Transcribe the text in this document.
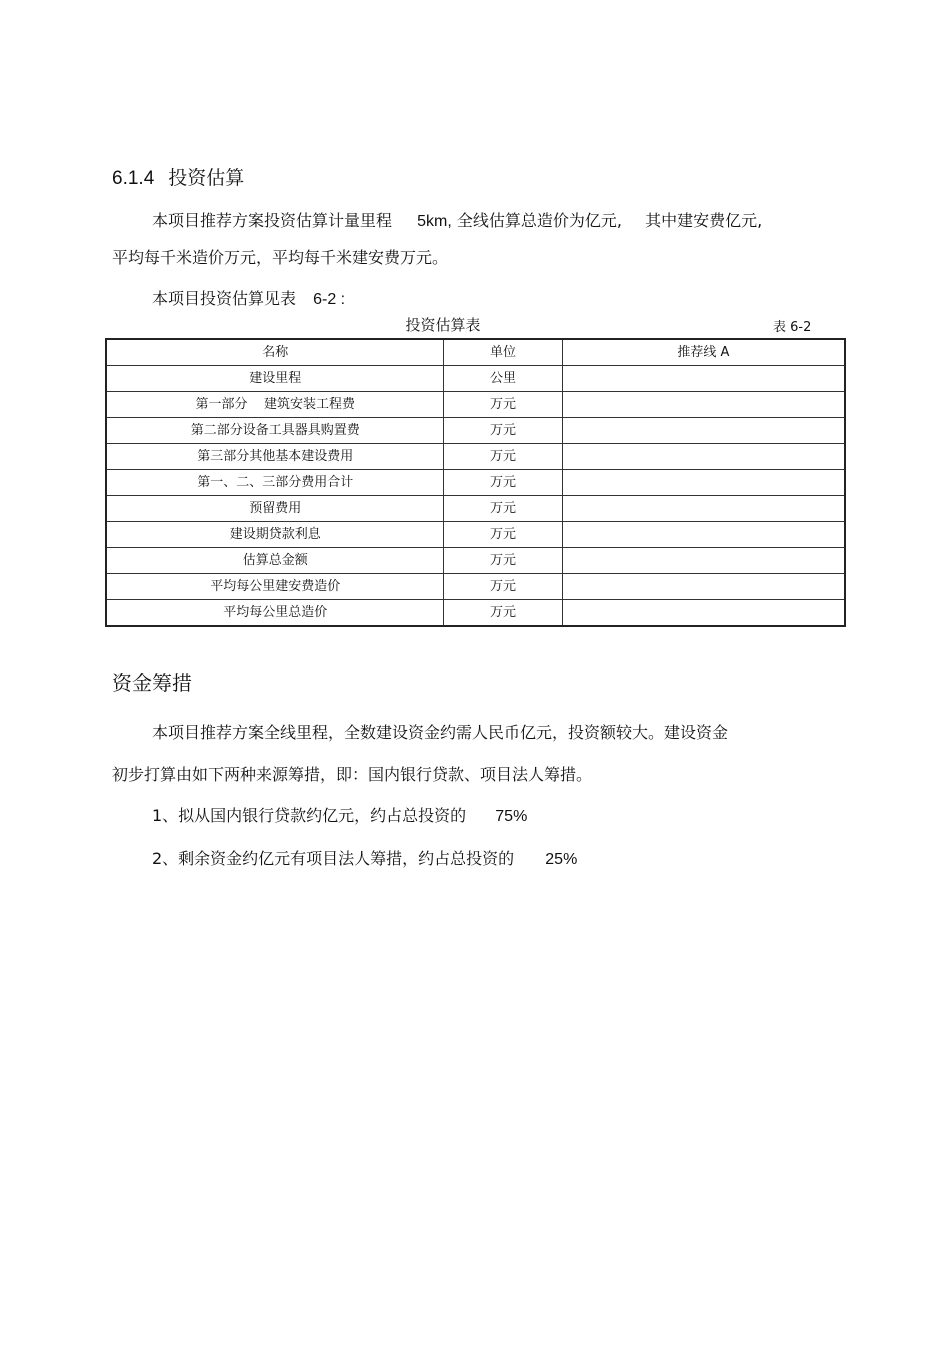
6.1.4 投资估算
本项目推荐方案投资估算计量里程 5km, 全线估算总造价为亿元, 其中建安费亿元,
平均每千米造价万元，平均每千米建安费万元。
本项目投资估算见表 6-2 :
投资估算表	表 6-2
名称	单位	推荐线 A
建设里程	公里	
第一部分    建筑安装工程费	万元	
第二部分设备工具器具购置费	万元	
第三部分其他基本建设费用	万元	
第一、二、三部分费用合计	万元	
预留费用	万元	
建设期贷款利息	万元	
估算总金额	万元	
平均每公里建安费造价	万元	
平均每公里总造价	万元	
资金筹措
本项目推荐方案全线里程，全数建设资金约需人民币亿元，投资额较大。建设资金
初步打算由如下两种来源筹措，即：国内银行贷款、项目法人筹措。
1、拟从国内银行贷款约亿元，约占总投资的 75%
2、剩余资金约亿元有项目法人筹措，约占总投资的 25%
